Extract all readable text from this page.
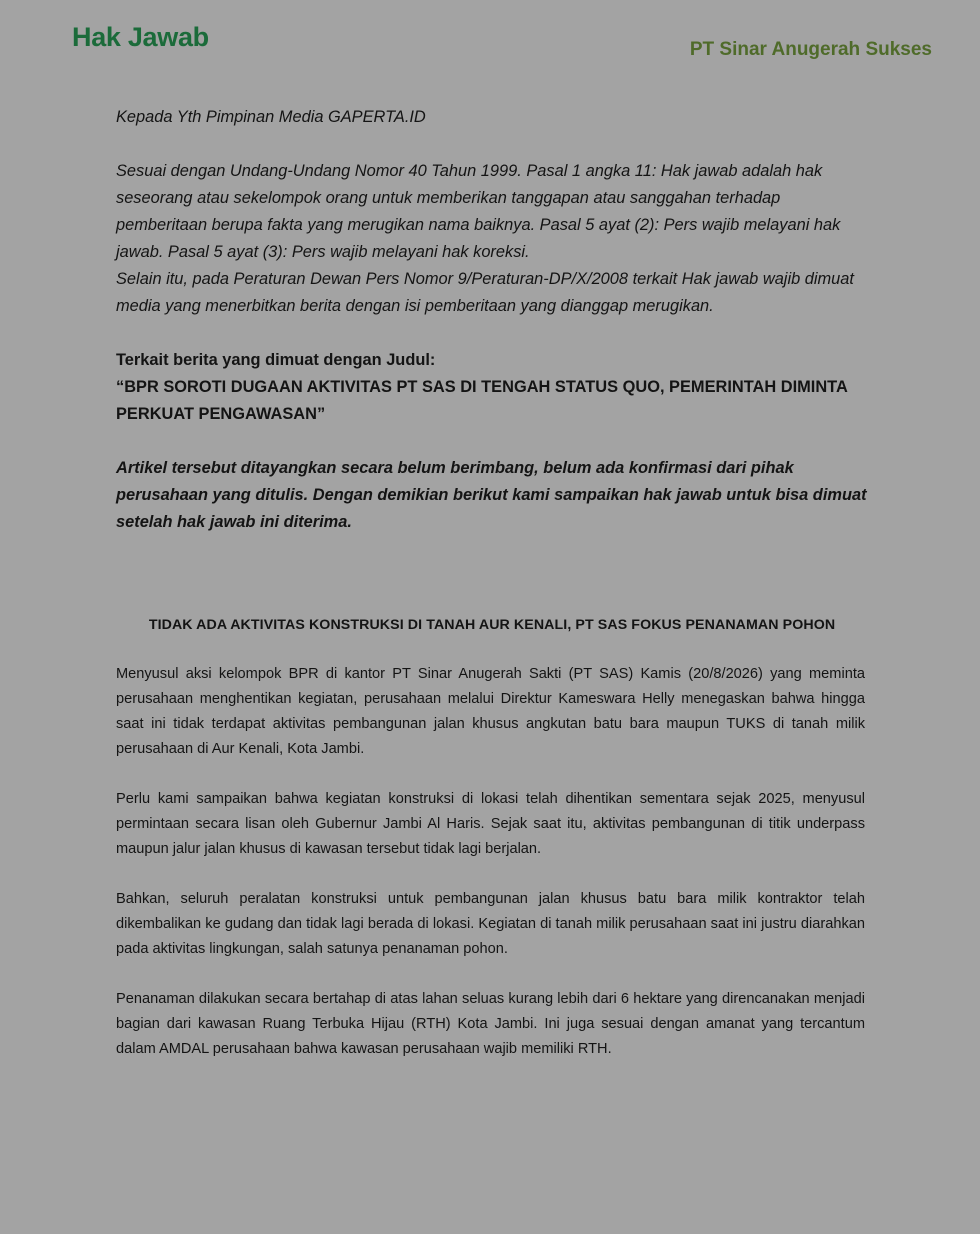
Hak Jawab	PT Sinar Anugerah Sukses

Kepada Yth Pimpinan Media GAPERTA.ID

Sesuai dengan Undang-Undang Nomor 40 Tahun 1999. Pasal 1 angka 11: Hak jawab adalah hak seseorang atau sekelompok orang untuk memberikan tanggapan atau sanggahan terhadap pemberitaan berupa fakta yang merugikan nama baiknya. Pasal 5 ayat (2): Pers wajib melayani hak jawab. Pasal 5 ayat (3): Pers wajib melayani hak koreksi.

Selain itu, pada Peraturan Dewan Pers Nomor 9/Peraturan-DP/X/2008 terkait Hak jawab wajib dimuat media yang menerbitkan berita dengan isi pemberitaan yang dianggap merugikan.

Terkait berita yang dimuat dengan Judul:

“BPR SOROTI DUGAAN AKTIVITAS PT SAS DI TENGAH STATUS QUO, PEMERINTAH DIMINTA PERKUAT PENGAWASAN”

Artikel tersebut ditayangkan secara belum berimbang, belum ada konfirmasi dari pihak perusahaan yang ditulis. Dengan demikian berikut kami sampaikan hak jawab untuk bisa dimuat setelah hak jawab ini diterima.

TIDAK ADA AKTIVITAS KONSTRUKSI DI TANAH AUR KENALI, PT SAS FOKUS PENANAMAN POHON

Menyusul aksi kelompok BPR di kantor PT Sinar Anugerah Sakti (PT SAS) Kamis (20/8/2026) yang meminta perusahaan menghentikan kegiatan, perusahaan melalui Direktur Kameswara Helly menegaskan bahwa hingga saat ini tidak terdapat aktivitas pembangunan jalan khusus angkutan batu bara maupun TUKS di tanah milik perusahaan di Aur Kenali, Kota Jambi.

Perlu kami sampaikan bahwa kegiatan konstruksi di lokasi telah dihentikan sementara sejak 2025, menyusul permintaan secara lisan oleh Gubernur Jambi Al Haris. Sejak saat itu, aktivitas pembangunan di titik underpass maupun jalur jalan khusus di kawasan tersebut tidak lagi berjalan.

Bahkan, seluruh peralatan konstruksi untuk pembangunan jalan khusus batu bara milik kontraktor telah dikembalikan ke gudang dan tidak lagi berada di lokasi. Kegiatan di tanah milik perusahaan saat ini justru diarahkan pada aktivitas lingkungan, salah satunya penanaman pohon.

Penanaman dilakukan secara bertahap di atas lahan seluas kurang lebih dari 6 hektare yang direncanakan menjadi bagian dari kawasan Ruang Terbuka Hijau (RTH) Kota Jambi. Ini juga sesuai dengan amanat yang tercantum dalam AMDAL perusahaan bahwa kawasan perusahaan wajib memiliki RTH.
